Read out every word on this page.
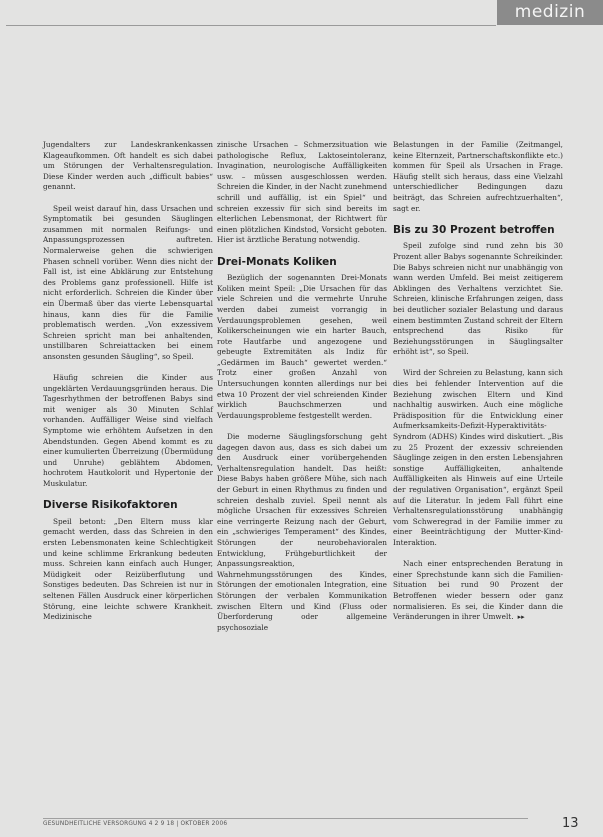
medizin

Jugendalters zur Landeskrankenkassen Klageaufkommen. Oft handelt es sich dabei um Störungen der Verhaltensregulation. Diese Kinder werden auch „difficult babies“ genannt.

Speil weist darauf hin, dass Ursachen und Symptomatik bei gesunden Säuglingen zusammen mit normalen Reifungs- und Anpassungsprozessen auftreten. Normalerweise gehen die schwierigen Phasen schnell vorüber. Wenn dies nicht der Fall ist, ist eine Abklärung zur Entstehung des Problems ganz professionell. Hilfe ist nicht erforderlich. Schreien die Kinder über ein Übermaß über das vierte Lebensquartal hinaus, kann dies für die Familie problematisch werden. „Von exzessivem Schreien spricht man bei anhaltenden, unstillbaren Schreiattacken bei einem ansonsten gesunden Säugling“, so Speil.

Häufig schreien die Kinder aus ungeklärten Verdauungsgründen heraus. Die Tagesrhythmen der betroffenen Babys sind mit weniger als 30 Minuten Schlaf vorhanden. Auffälliger Weise sind vielfach Symptome wie erhöhtem Aufsetzen in den Abendstunden. Gegen Abend kommt es zu einer kumulierten Überreizung (Übermüdung und Unruhe) geblähtem Abdomen, hochrotem Hautkolorit und Hypertonie der Muskulatur.

Diverse Risikofaktoren

Speil betont: „Den Eltern muss klar gemacht werden, dass das Schreien in den ersten Lebensmonaten keine Schlechtigkeit und keine schlimme Erkrankung bedeuten muss. Schreien kann einfach auch Hunger, Müdigkeit oder Reizüberflutung und Sonstiges bedeuten. Das Schreien ist nur in seltenen Fällen Ausdruck einer körperlichen Störung, eine leichte schwere Krankheit. Medizinische

zinische Ursachen – Schmerzsituation wie pathologische Reflux, Laktoseintoleranz, Invagination, neurologische Auffälligkeiten usw. – müssen ausgeschlossen werden. Schreien die Kinder, in der Nacht zunehmend schrill und auffällig, ist ein Spiel“ und schreien exzessiv für sich sind bereits im elterlichen Lebensmonat, der Richtwert für einen plötzlichen Kindstod, Vorsicht geboten. Hier ist ärztliche Beratung notwendig.

Drei-Monats Koliken

Bezüglich der sogenannten Drei-Monats Koliken meint Speil: „Die Ursachen für das viele Schreien und die vermehrte Unruhe werden dabei zumeist vorrangig in Verdauungsproblemen gesehen, weil Kolikerscheinungen wie ein harter Bauch, rote Hautfarbe und angezogene und gebeugte Extremitäten als Indiz für „Gedärmen im Bauch“ gewertet werden.“ Trotz einer großen Anzahl von Untersuchungen konnten allerdings nur bei etwa 10 Prozent der viel schreienden Kinder wirklich Bauchschmerzen und Verdauungsprobleme festgestellt werden.

Die moderne Säuglingsforschung geht dagegen davon aus, dass es sich dabei um den Ausdruck einer vorübergehenden Verhaltensregulation handelt. Das heißt: Diese Babys haben größere Mühe, sich nach der Geburt in einen Rhythmus zu finden und schreien deshalb zuviel. Speil nennt als mögliche Ursachen für exzessives Schreien eine verringerte Reizung nach der Geburt, ein „schwieriges Temperament“ des Kindes, Störungen der neurobehavioralen Entwicklung, Frühgeburtlichkeit der Anpassungsreaktion, Wahrnehmungsstörungen des Kindes, Störungen der emotionalen Integration, eine Störungen der verbalen Kommunikation zwischen Eltern und Kind (Fluss oder Überforderung oder allgemeine psychosoziale

Belastungen in der Familie (Zeitmangel, keine Elternzeit, Partnerschaftskonflikte etc.) kommen für Speil als Ursachen in Frage. Häufig stellt sich heraus, dass eine Vielzahl unterschiedlicher Bedingungen dazu beiträgt, das Schreien aufrechtzuerhalten“, sagt er.

Bis zu 30 Prozent betroffen

Speil zufolge sind rund zehn bis 30 Prozent aller Babys sogenannte Schreikinder. Die Babys schreien nicht nur unabhängig von wann werden Umfeld. Bei meist zeitigerem Abklingen des Verhaltens verzichtet Sie. Schreien, klinische Erfahrungen zeigen, dass bei deutlicher sozialer Belastung und daraus einem bestimmten Zustand schreit der Eltern entsprechend das Risiko für Beziehungsstörungen in Säuglingsalter erhöht ist“, so Speil.

Wird der Schreien zu Belastung, kann sich dies bei fehlender Intervention auf die Beziehung zwischen Eltern und Kind nachhaltig auswirken. Auch eine mögliche Prädisposition für die Entwicklung einer Aufmerksamkeits-Defizit-Hyperaktivitäts-Syndrom (ADHS) Kindes wird diskutiert. „Bis zu 25 Prozent der exzessiv schreienden Säuglinge zeigen in den ersten Lebensjahren sonstige Auffälligkeiten, anhaltende Auffälligkeiten als Hinweis auf eine Urteile der regulativen Organisation“, ergänzt Speil auf die Literatur. In jedem Fall führt eine Verhaltensregulationsstörung unabhängig vom Schweregrad in der Familie immer zu einer Beeinträchtigung der Mutter-Kind-Interaktion.

Nach einer entsprechenden Beratung in einer Sprechstunde kann sich die Familien-Situation bei rund 90 Prozent der Betroffenen wieder bessern oder ganz normalisieren. Es sei, die Kinder dann die Veränderungen in ihrer Umwelt. ▸▸

GESUNDHEITLICHE VERSORGUNG 4 2 9 18 | OKTOBER 2006	13
